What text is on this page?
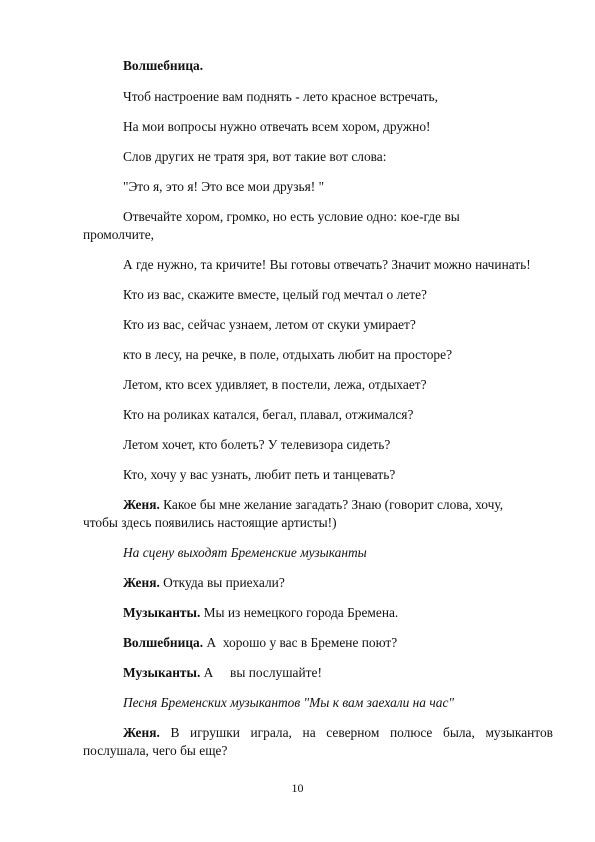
Волшебница.
Чтоб настроение вам поднять - лето красное встречать,
На мои вопросы нужно отвечать всем хором, дружно!
Слов других не тратя зря, вот такие вот слова:
"Это я, это я! Это все мои друзья! "
Отвечайте хором, громко, но есть условие одно: кое-где вы
промолчите,
А где нужно, та кричите! Вы готовы отвечать? Значит можно начинать!
Кто из вас, скажите вместе, целый год мечтал о лете?
Кто из вас, сейчас узнаем, летом от скуки умирает?
кто в лесу, на речке, в поле, отдыхать любит на просторе?
Летом, кто всех удивляет, в постели, лежа, отдыхает?
Кто на роликах катался, бегал, плавал, отжимался?
Летом хочет, кто болеть? У телевизора сидеть?
Кто, хочу у вас узнать, любит петь и танцевать?
Женя. Какое бы мне желание загадать? Знаю (говорит слова, хочу,
чтобы здесь появились настоящие артисты!)
На сцену выходят Бременские музыканты
Женя. Откуда вы приехали?
Музыканты. Мы из немецкого города Бремена.
Волшебница. А  хорошо у вас в Бремене поют?
Музыканты. А     вы послушайте!
Песня Бременских музыкантов "Мы к вам заехали на час"
Женя. В игрушки играла, на северном полюсе была, музыкантов
послушала, чего бы еще?
10
